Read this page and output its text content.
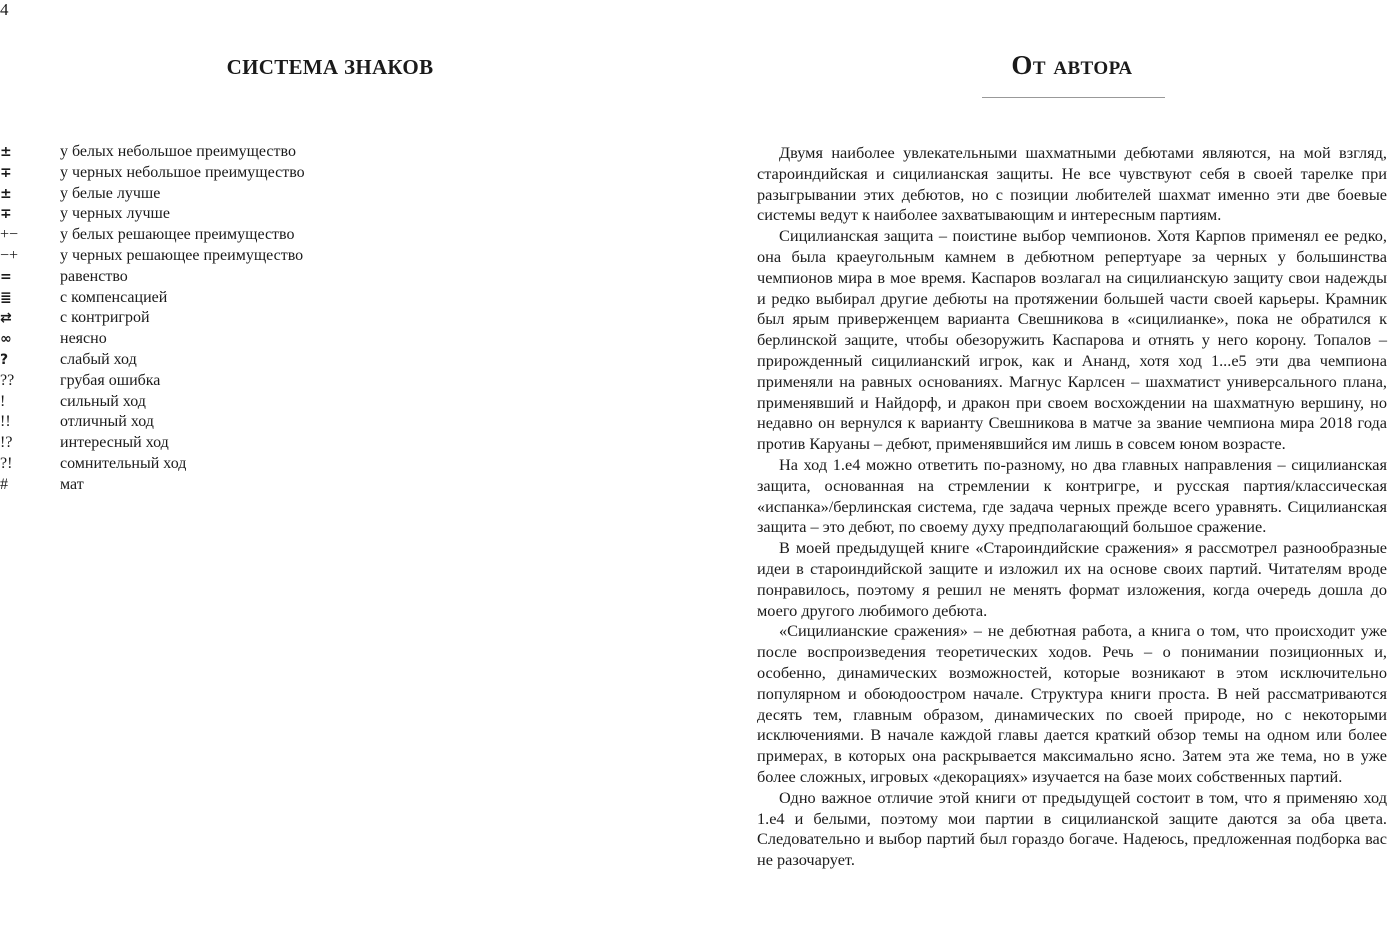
4
СИСТЕМА ЗНАКОВ
±	у белых небольшое преимущество
∓	у черных небольшое преимущество
±	у белые лучше
∓	у черных лучше
+−	у белых решающее преимущество
−+	у черных решающее преимущество
=	равенство
≣	с компенсацией
⇄	с контригрой
∞	неясно
?	слабый ход
??	грубая ошибка
!	сильный ход
!!	отличный ход
!?	интересный ход
?!	сомнительный ход
#	мат
От автора

Двумя наиболее увлекательными шахматными дебютами являются, на мой взгляд, староиндийская и сицилианская защиты. Не все чувствуют себя в своей тарелке при разыгрывании этих дебютов, но с позиции любителей шахмат именно эти две боевые системы ведут к наиболее захватывающим и интересным партиям.

Сицилианская защита – поистине выбор чемпионов. Хотя Карпов применял ее редко, она была краеугольным камнем в дебютном репертуаре за черных у большинства чемпионов мира в мое время. Каспаров возлагал на сицилианскую защиту свои надежды и редко выбирал другие дебюты на протяжении большей части своей карьеры. Крамник был ярым приверженцем варианта Свешникова в «сицилианке», пока не обратился к берлинской защите, чтобы обезоружить Каспарова и отнять у него корону. Топалов – прирожденный сицилианский игрок, как и Ананд, хотя ход 1...e5 эти два чемпиона применяли на равных основаниях. Магнус Карлсен – шахматист универсального плана, применявший и Найдорф, и дракон при своем восхождении на шахматную вершину, но недавно он вернулся к варианту Свешникова в матче за звание чемпиона мира 2018 года против Каруаны – дебют, применявшийся им лишь в совсем юном возрасте.

На ход 1.e4 можно ответить по-разному, но два главных направления – сицилианская защита, основанная на стремлении к контригре, и русская партия/классическая «испанка»/берлинская система, где задача черных прежде всего уравнять. Сицилианская защита – это дебют, по своему духу предполагающий большое сражение.

В моей предыдущей книге «Староиндийские сражения» я рассмотрел разнообразные идеи в староиндийской защите и изложил их на основе своих партий. Читателям вроде понравилось, поэтому я решил не менять формат изложения, когда очередь дошла до моего другого любимого дебюта.

«Сицилианские сражения» – не дебютная работа, а книга о том, что происходит уже после воспроизведения теоретических ходов. Речь – о понимании позиционных и, особенно, динамических возможностей, которые возникают в этом исключительно популярном и обоюдоостром начале. Структура книги проста. В ней рассматриваются десять тем, главным образом, динамических по своей природе, но с некоторыми исключениями. В начале каждой главы дается краткий обзор темы на одном или более примерах, в которых она раскрывается максимально ясно. Затем эта же тема, но в уже более сложных, игровых «декорациях» изучается на базе моих собственных партий.

Одно важное отличие этой книги от предыдущей состоит в том, что я применяю ход 1.e4 и белыми, поэтому мои партии в сицилианской защите даются за оба цвета. Следовательно и выбор партий был гораздо богаче. Надеюсь, предложенная подборка вас не разочарует.
